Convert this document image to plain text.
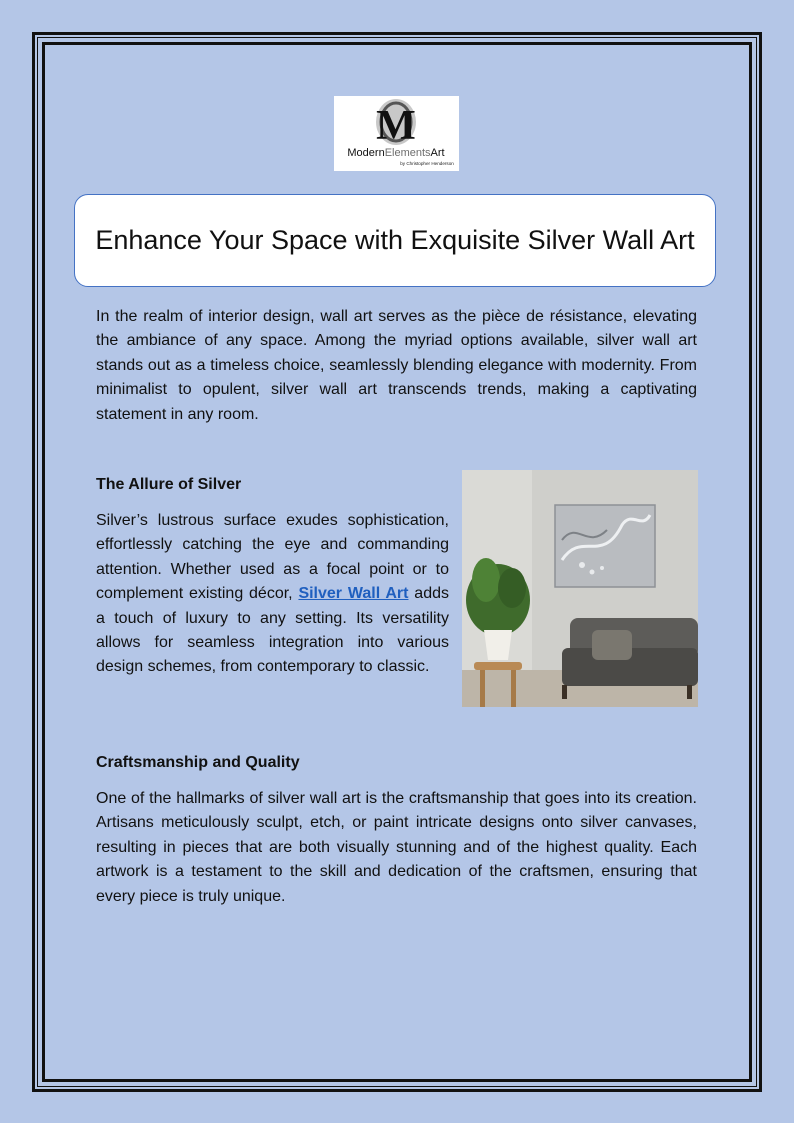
M
ModernElementsArt
by Christopher Henderson
Enhance Your Space with Exquisite Silver Wall Art

In the realm of interior design, wall art serves as the pièce de résistance, elevating the ambiance of any space. Among the myriad options available, silver wall art stands out as a timeless choice, seamlessly blending elegance with modernity. From minimalist to opulent, silver wall art transcends trends, making a captivating statement in any room.

The Allure of Silver

Silver’s lustrous surface exudes sophistication, effortlessly catching the eye and commanding attention. Whether used as a focal point or to complement existing décor, Silver Wall Art adds a touch of luxury to any setting. Its versatility allows for seamless integration into various design schemes, from contemporary to classic.

Craftsmanship and Quality

One of the hallmarks of silver wall art is the craftsmanship that goes into its creation. Artisans meticulously sculpt, etch, or paint intricate designs onto silver canvases, resulting in pieces that are both visually stunning and of the highest quality. Each artwork is a testament to the skill and dedication of the craftsmen, ensuring that every piece is truly unique.
